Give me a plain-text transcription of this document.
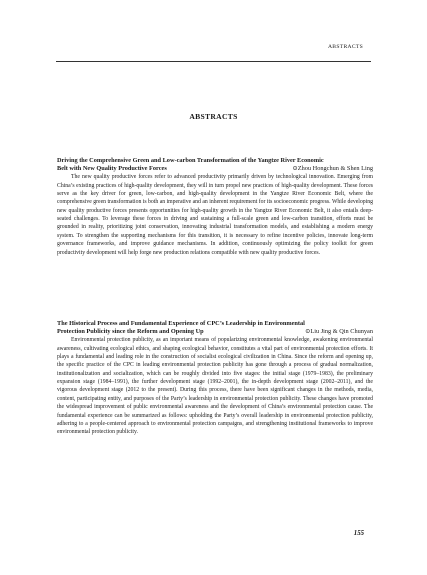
ABSTRACTS
ABSTRACTS

Driving the Comprehensive Green and Low-carbon Transformation of the Yangtze River Economic

Belt with New Quality Productive Forces	⊙Zhou Hongchun & Shen Ling

The new quality productive forces refer to advanced productivity primarily driven by technological innovation. Emerging from China’s existing practices of high-quality development, they will in turn propel new practices of high-quality development. These forces serve as the key driver for green, low-carbon, and high-quality development in the Yangtze River Economic Belt, where the comprehensive green transformation is both an imperative and an inherent requirement for its socioeconomic progress. While developing new quality productive forces presents opportunities for high-quality growth in the Yangtze River Economic Belt, it also entails deep-seated challenges. To leverage these forces in driving and sustaining a full-scale green and low-carbon transition, efforts must be grounded in reality, prioritizing joint conservation, innovating industrial transformation models, and establishing a modern energy system. To strengthen the supporting mechanisms for this transition, it is necessary to refine incentive policies, innovate long-term governance frameworks, and improve guidance mechanisms. In addition, continuously optimizing the policy toolkit for green productivity development will help forge new production relations compatible with new quality productive forces.

The Historical Process and Fundamental Experience of CPC’s Leadership in Environmental

Protection Publicity since the Reform and Opening Up	⊙Liu Jing & Qin Chunyan

Environmental protection publicity, as an important means of popularizing environmental knowledge, awakening environmental awareness, cultivating ecological ethics, and shaping ecological behavior, constitutes a vital part of environmental protection efforts. It plays a fundamental and leading role in the construction of socialist ecological civilization in China. Since the reform and opening up, the specific practice of the CPC in leading environmental protection publicity has gone through a process of gradual normalization, institutionalization and socialization, which can be roughly divided into five stages: the initial stage (1979–1983), the preliminary expansion stage (1984–1991), the further development stage (1992–2001), the in-depth development stage (2002–2011), and the vigorous development stage (2012 to the present). During this process, there have been significant changes in the methods, media, content, participating entity, and purposes of the Party’s leadership in environmental protection publicity. These changes have promoted the widespread improvement of public environmental awareness and the development of China’s environmental protection cause. The fundamental experience can be summarized as follows: upholding the Party’s overall leadership in environmental protection publicity, adhering to a people-centered approach to environmental protection campaigns, and strengthening institutional frameworks to improve environmental protection publicity.

155
